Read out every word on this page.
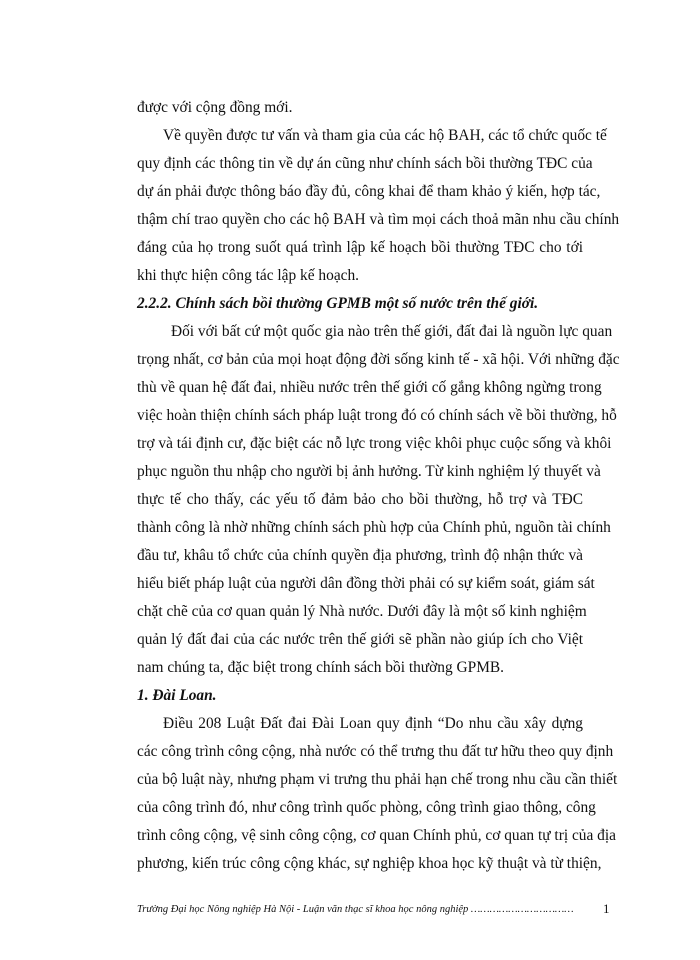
được với cộng đồng mới.
Về quyền được tư vấn và tham gia của các hộ BAH, các tổ chức quốc tế
quy định các thông tin về dự án cũng như chính sách bồi thường TĐC của
dự án phải được thông báo đầy đủ, công khai để tham khảo ý kiến, hợp tác,
thậm chí trao quyền cho các hộ BAH và tìm mọi cách thoả mãn nhu cầu chính
đáng của họ trong suốt quá trình lập kế hoạch bồi thường TĐC cho tới
khi thực hiện công tác lập kế hoạch.
2.2.2. Chính sách bồi thường GPMB một số nước trên thế giới.
Đối với bất cứ một quốc gia nào trên thế giới, đất đai là nguồn lực quan
trọng nhất, cơ bản của mọi hoạt động đời sống kinh tế - xã hội. Với những đặc
thù về quan hệ đất đai, nhiều nước trên thế giới cố gắng không ngừng trong
việc hoàn thiện chính sách pháp luật trong đó có chính sách về bồi thường, hỗ
trợ và tái định cư, đặc biệt các nỗ lực trong việc khôi phục cuộc sống và khôi
phục nguồn thu nhập cho người bị ảnh hưởng. Từ kinh nghiệm lý thuyết và
thực tế cho thấy, các yếu tố đảm bảo cho bồi thường, hỗ trợ và TĐC
thành công là nhờ những chính sách phù hợp của Chính phủ, nguồn tài chính
đầu tư, khâu tổ chức của chính quyền địa phương, trình độ nhận thức và
hiểu biết pháp luật của người dân đồng thời phải có sự kiểm soát, giám sát
chặt chẽ của cơ quan quản lý Nhà nước. Dưới đây là một số kinh nghiệm
quản lý đất đai của các nước trên thế giới sẽ phần nào giúp ích cho Việt
nam chúng ta, đặc biệt trong chính sách bồi thường GPMB.
1. Đài Loan.
Điều 208 Luật Đất đai Đài Loan quy định “Do nhu cầu xây dựng
các công trình công cộng, nhà nước có thể trưng thu đất tư hữu theo quy định
của bộ luật này, nhưng phạm vi trưng thu phải hạn chế trong nhu cầu cần thiết
của công trình đó, như công trình quốc phòng, công trình giao thông, công
trình công cộng, vệ sinh công cộng, cơ quan Chính phủ, cơ quan tự trị của địa
phương, kiến trúc công cộng khác, sự nghiệp khoa học kỹ thuật và từ thiện,
Trường Đại học Nông nghiệp Hà Nội - Luận văn thạc sĩ khoa học nông nghiệp ……………………………	1
